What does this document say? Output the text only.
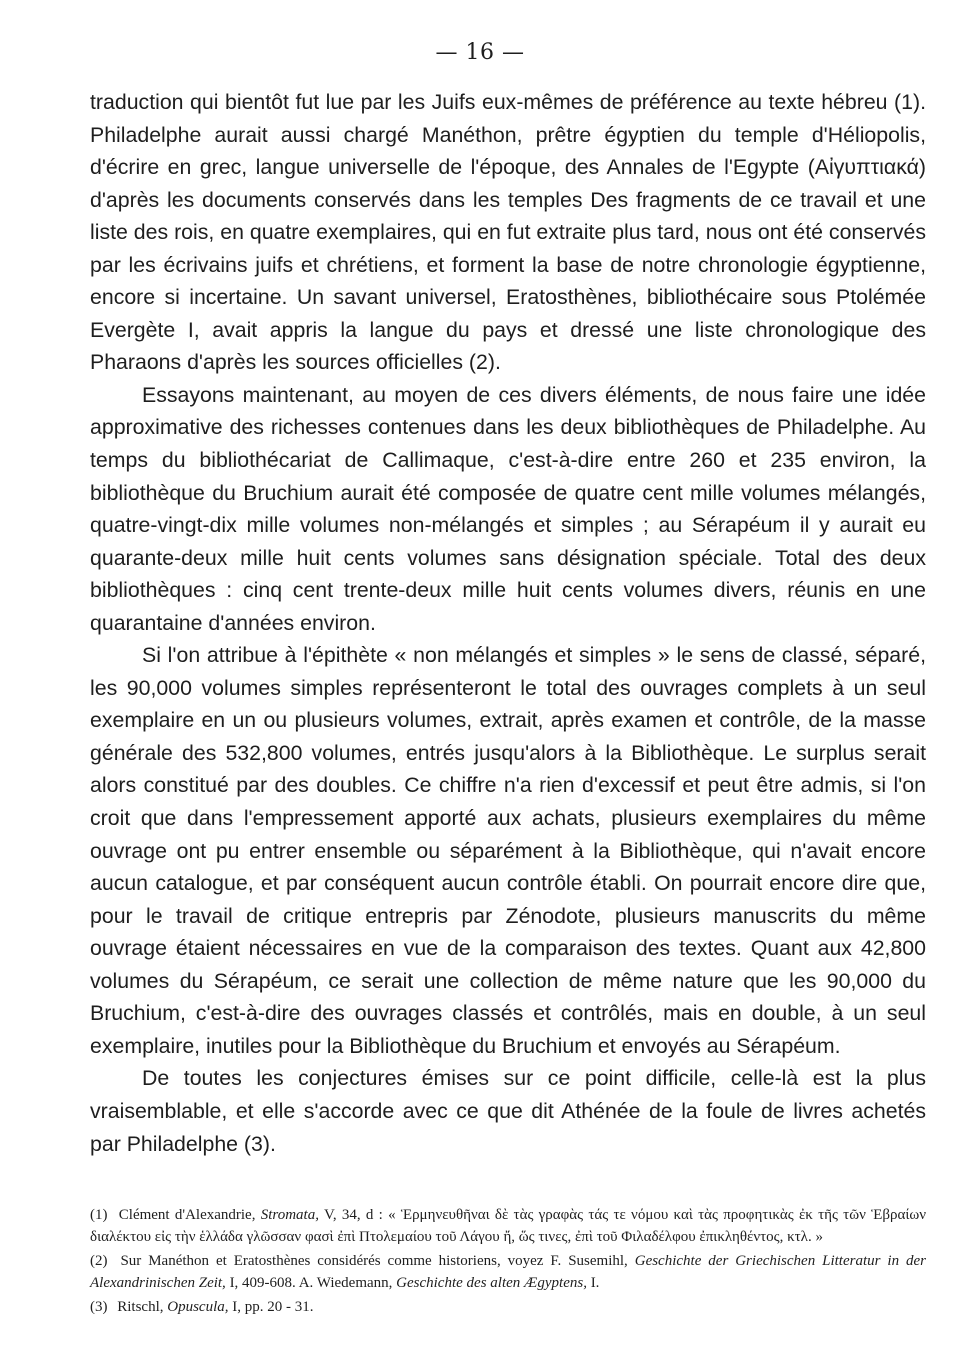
— 16 —

traduction qui bientôt fut lue par les Juifs eux-mêmes de préférence au texte hébreu (1). Philadelphe aurait aussi chargé Manéthon, prêtre égyptien du temple d'Héliopolis, d'écrire en grec, langue universelle de l'époque, des Annales de l'Egypte (Αἰγυπτιακά) d'après les documents conservés dans les temples Des fragments de ce travail et une liste des rois, en quatre exemplaires, qui en fut extraite plus tard, nous ont été conservés par les écrivains juifs et chrétiens, et forment la base de notre chronologie égyptienne, encore si incertaine. Un savant universel, Eratosthènes, bibliothécaire sous Ptolémée Evergète I, avait appris la langue du pays et dressé une liste chronologique des Pharaons d'après les sources officielles (2).

Essayons maintenant, au moyen de ces divers éléments, de nous faire une idée approximative des richesses contenues dans les deux bibliothèques de Philadelphe. Au temps du bibliothécariat de Callimaque, c'est-à-dire entre 260 et 235 environ, la bibliothèque du Bruchium aurait été composée de quatre cent mille volumes mélangés, quatre-vingt-dix mille volumes non-mélangés et simples ; au Sérapéum il y aurait eu quarante-deux mille huit cents volumes sans désignation spéciale. Total des deux bibliothèques : cinq cent trente-deux mille huit cents volumes divers, réunis en une quarantaine d'années environ.

Si l'on attribue à l'épithète « non mélangés et simples » le sens de classé, séparé, les 90,000 volumes simples représenteront le total des ouvrages complets à un seul exemplaire en un ou plusieurs volumes, extrait, après examen et contrôle, de la masse générale des 532,800 volumes, entrés jusqu'alors à la Bibliothèque. Le surplus serait alors constitué par des doubles. Ce chiffre n'a rien d'excessif et peut être admis, si l'on croit que dans l'empressement apporté aux achats, plusieurs exemplaires du même ouvrage ont pu entrer ensemble ou séparément à la Bibliothèque, qui n'avait encore aucun catalogue, et par conséquent aucun contrôle établi. On pourrait encore dire que, pour le travail de critique entrepris par Zénodote, plusieurs manuscrits du même ouvrage étaient nécessaires en vue de la comparaison des textes. Quant aux 42,800 volumes du Sérapéum, ce serait une collection de même nature que les 90,000 du Bruchium, c'est-à-dire des ouvrages classés et contrôlés, mais en double, à un seul exemplaire, inutiles pour la Bibliothèque du Bruchium et envoyés au Sérapéum.

De toutes les conjectures émises sur ce point difficile, celle-là est la plus vraisemblable, et elle s'accorde avec ce que dit Athénée de la foule de livres achetés par Philadelphe (3).

(1) Clément d'Alexandrie, Stromata, V, 34, d : « Ἑρμηνευθῆναι δὲ τὰς γραφὰς τάς τε νόμου καὶ τὰς προφητικὰς ἐκ τῆς τῶν Ἑβραίων διαλέκτου εἰς τὴν ἑλλάδα γλῶσσαν φασὶ ἐπὶ Πτολεμαίου τοῦ Λάγου ἤ, ὥς τινες, ἐπὶ τοῦ Φιλαδέλφου ἐπικληθέντος, κτλ. »

(2) Sur Manéthon et Eratosthènes considérés comme historiens, voyez F. Susemihl, Geschichte der Griechischen Litteratur in der Alexandrinischen Zeit, I, 409-608. A. Wiedemann, Geschichte des alten Ægyptens, I.

(3) Ritschl, Opuscula, I, pp. 20 - 31.
